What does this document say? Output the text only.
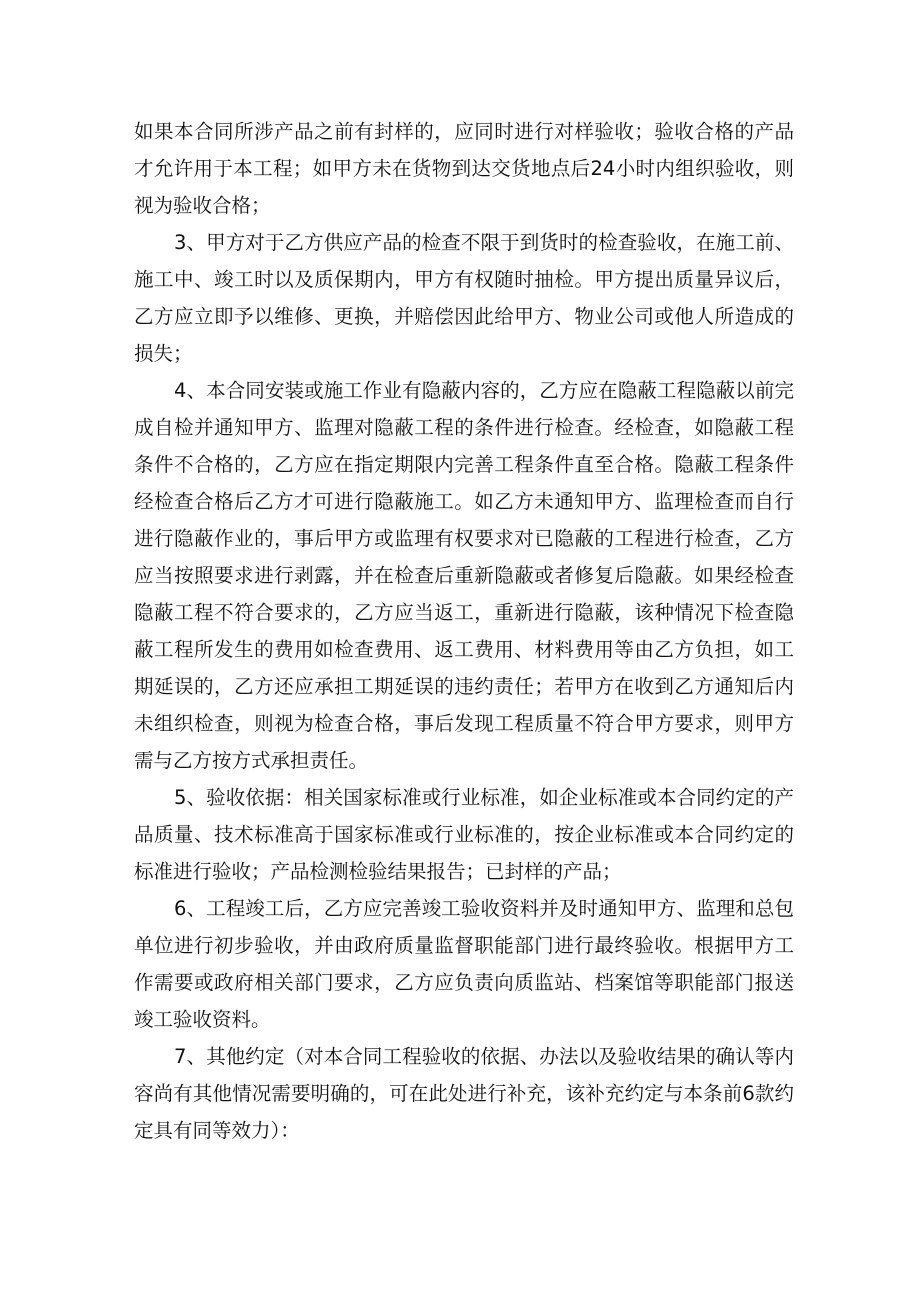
如果本合同所涉产品之前有封样的，应同时进行对样验收；验收合格的产品才允许用于本工程；如甲方未在货物到达交货地点后24小时内组织验收，则视为验收合格；

3、甲方对于乙方供应产品的检查不限于到货时的检查验收，在施工前、施工中、竣工时以及质保期内，甲方有权随时抽检。甲方提出质量异议后，乙方应立即予以维修、更换，并赔偿因此给甲方、物业公司或他人所造成的损失；

4、本合同安装或施工作业有隐蔽内容的，乙方应在隐蔽工程隐蔽以前完成自检并通知甲方、监理对隐蔽工程的条件进行检查。经检查，如隐蔽工程条件不合格的，乙方应在指定期限内完善工程条件直至合格。隐蔽工程条件经检查合格后乙方才可进行隐蔽施工。如乙方未通知甲方、监理检查而自行进行隐蔽作业的，事后甲方或监理有权要求对已隐蔽的工程进行检查，乙方应当按照要求进行剥露，并在检查后重新隐蔽或者修复后隐蔽。如果经检查隐蔽工程不符合要求的，乙方应当返工，重新进行隐蔽，该种情况下检查隐蔽工程所发生的费用如检查费用、返工费用、材料费用等由乙方负担，如工期延误的，乙方还应承担工期延误的违约责任；若甲方在收到乙方通知后内未组织检查，则视为检查合格，事后发现工程质量不符合甲方要求，则甲方需与乙方按方式承担责任。

5、验收依据：相关国家标准或行业标准，如企业标准或本合同约定的产品质量、技术标准高于国家标准或行业标准的，按企业标准或本合同约定的标准进行验收；产品检测检验结果报告；已封样的产品；

6、工程竣工后，乙方应完善竣工验收资料并及时通知甲方、监理和总包单位进行初步验收，并由政府质量监督职能部门进行最终验收。根据甲方工作需要或政府相关部门要求，乙方应负责向质监站、档案馆等职能部门报送竣工验收资料。

7、其他约定（对本合同工程验收的依据、办法以及验收结果的确认等内容尚有其他情况需要明确的，可在此处进行补充，该补充约定与本条前6款约定具有同等效力）：
